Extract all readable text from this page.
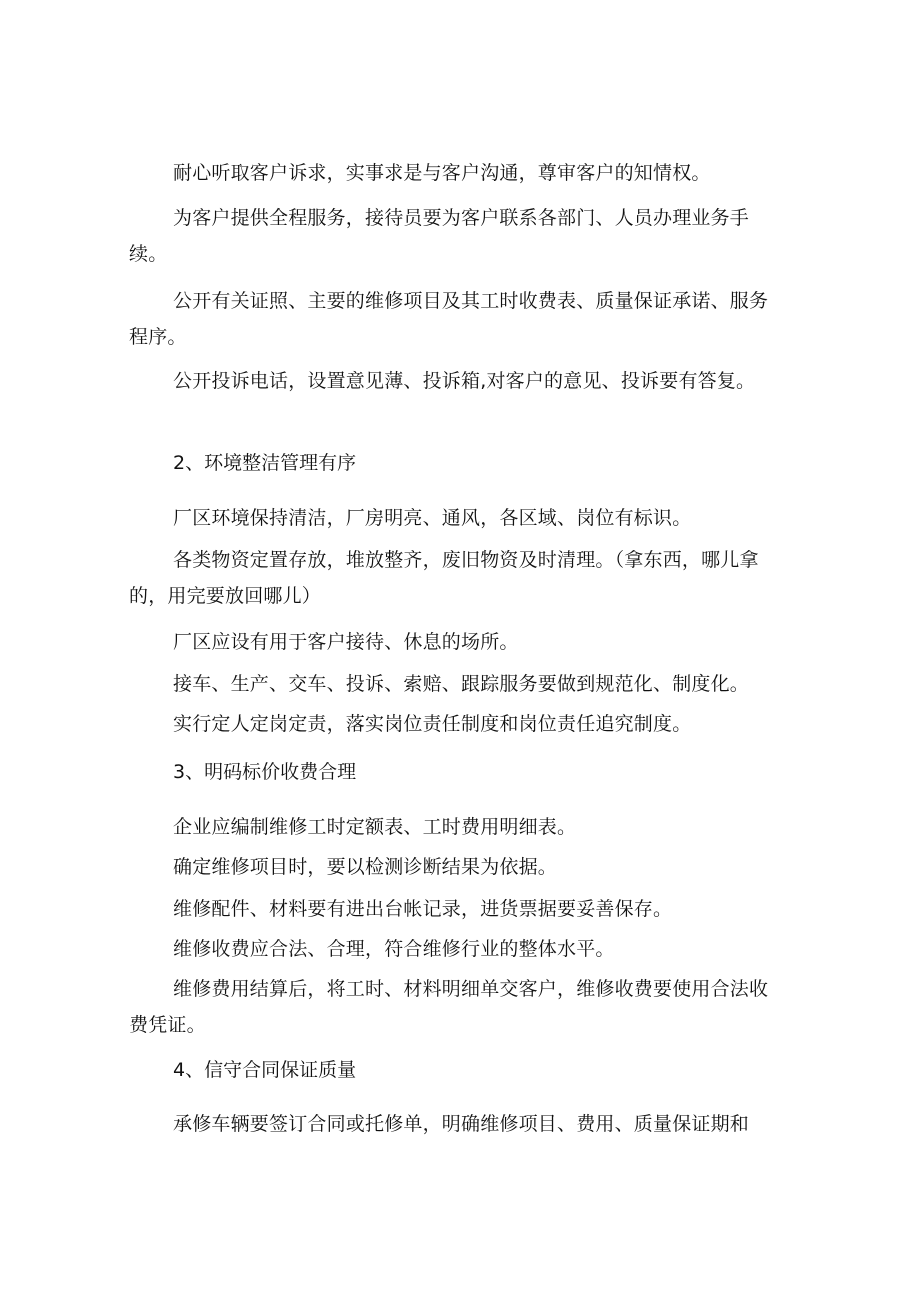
耐心听取客户诉求，实事求是与客户沟通，尊审客户的知情权。

为客户提供全程服务，接待员要为客户联系各部门、人员办理业务手续。

公开有关证照、主要的维修项目及其工时收费表、质量保证承诺、服务程序。

公开投诉电话，设置意见薄、投诉箱,对客户的意见、投诉要有答复。

2、环境整洁管理有序

厂区环境保持清洁，厂房明亮、通风，各区域、岗位有标识。

各类物资定置存放，堆放整齐，废旧物资及时清理。（拿东西，哪儿拿的，用完要放回哪儿）

厂区应设有用于客户接待、休息的场所。

接车、生产、交车、投诉、索赔、跟踪服务要做到规范化、制度化。

实行定人定岗定责，落实岗位责任制度和岗位责任追究制度。

3、明码标价收费合理

企业应编制维修工时定额表、工时费用明细表。

确定维修项目时，要以检测诊断结果为依据。

维修配件、材料要有进出台帐记录，进货票据要妥善保存。

维修收费应合法、合理，符合维修行业的整体水平。

维修费用结算后，将工时、材料明细单交客户，维修收费要使用合法收费凭证。

4、信守合同保证质量

承修车辆要签订合同或托修单，明确维修项目、费用、质量保证期和
